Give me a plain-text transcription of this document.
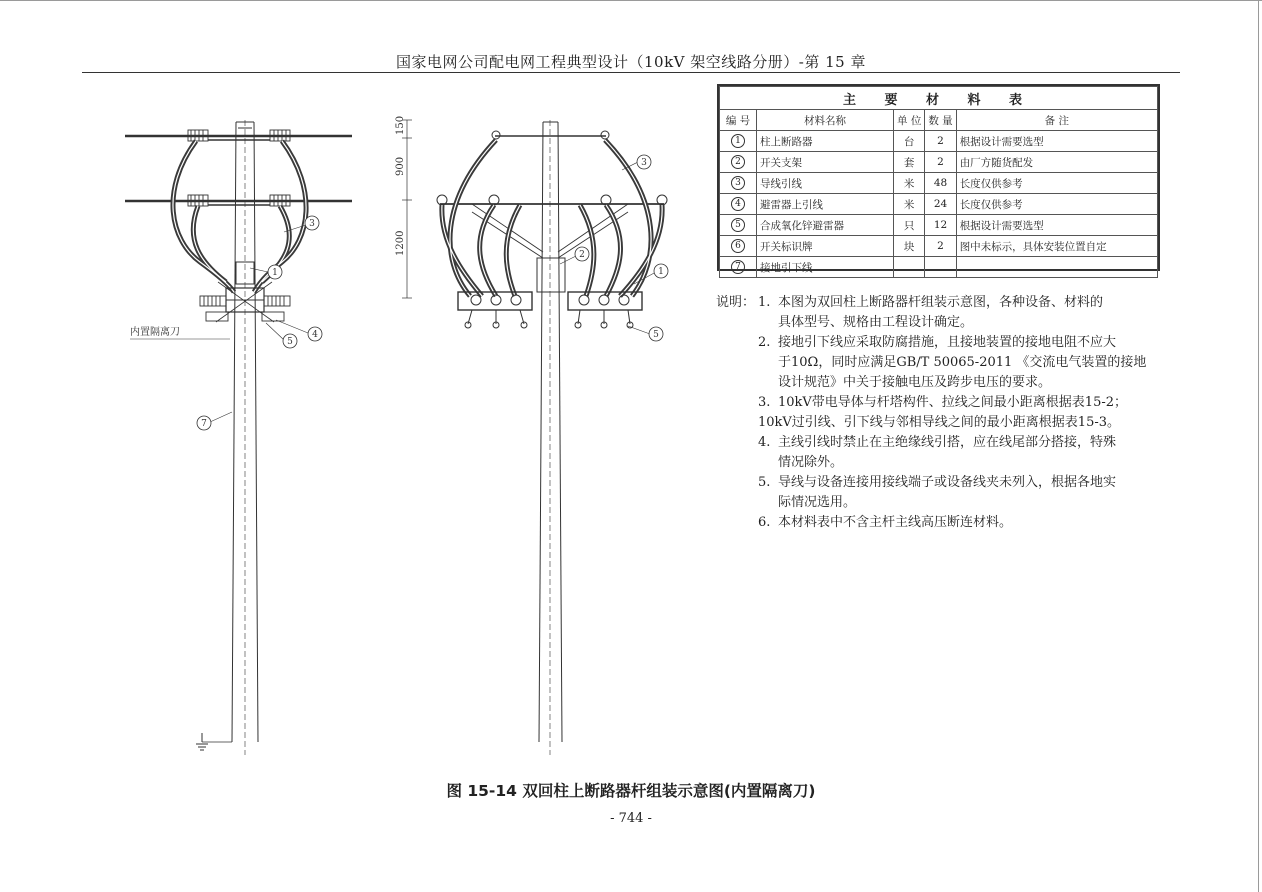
国家电网公司配电网工程典型设计（10kV 架空线路分册）-第 15 章
1
3
4
5
7
内置隔离刀
2
3
1
5
150
900
1200
主 要 材 料 表				
编 号	材料名称	单 位	数 量	备 注
1	柱上断路器	台	2	根据设计需要选型
2	开关支架	套	2	由厂方随货配发
3	导线引线	米	48	长度仅供参考
4	避雷器上引线	米	24	长度仅供参考
5	合成氧化锌避雷器	只	12	根据设计需要选型
6	开关标识牌	块	2	图中未标示，具体安装位置自定
7	接地引下线			
说明： 1. 本图为双回柱上断路器杆组装示意图，各种设备、材料的
具体型号、规格由工程设计确定。
2. 接地引下线应采取防腐措施，且接地装置的接地电阻不应大
于10Ω，同时应满足GB/T 50065-2011 《交流电气装置的接地
设计规范》中关于接触电压及跨步电压的要求。
3. 10kV带电导体与杆塔构件、拉线之间最小距离根据表15-2；
10kV过引线、引下线与邻相导线之间的最小距离根据表15-3。
4. 主线引线时禁止在主绝缘线引搭，应在线尾部分搭接，特殊
情况除外。
5. 导线与设备连接用接线端子或设备线夹未列入，根据各地实
际情况选用。
6. 本材料表中不含主杆主线高压断连材料。
图 15-14 双回柱上断路器杆组装示意图(内置隔离刀)
- 744 -
